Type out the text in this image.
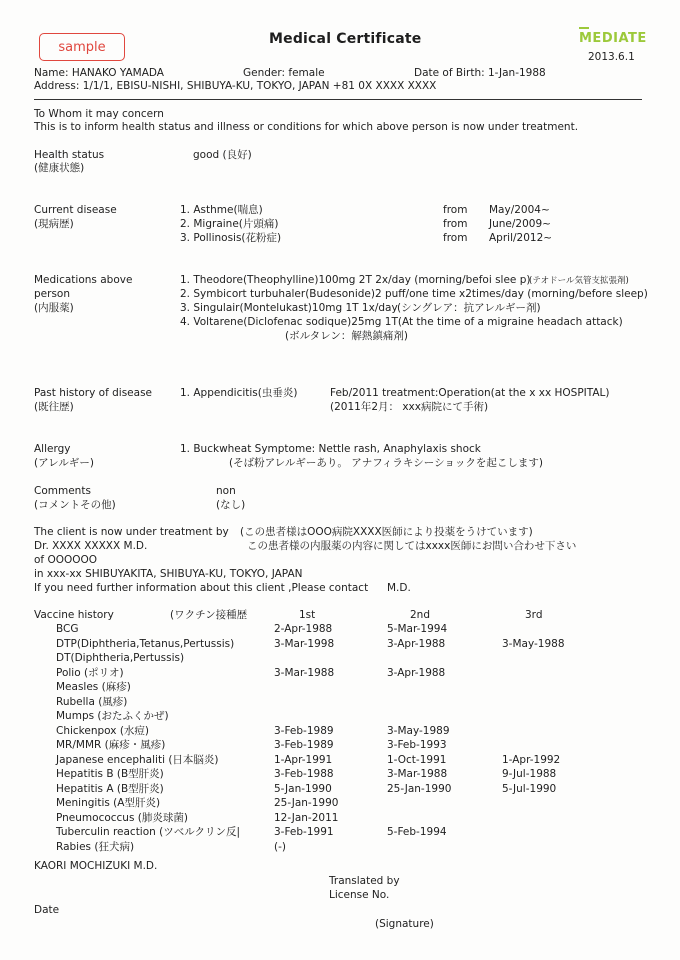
sample
Medical Certificate	MEDIATE
2013.6.1
Name: HANAKO YAMADA	Gender: female	Date of Birth: 1-Jan-1988
Address: 1/1/1, EBISU-NISHI, SHIBUYA-KU, TOKYO, JAPAN +81 0X XXXX XXXX
To Whom it may concern
This is to inform health status and illness or conditions for which above person is now under treatment.
Health status
(健康状態)
good (良好)
Current disease
(現病歴)
1. Asthme(喘息)	from May/2004~
2. Migraine(片頭痛)	from June/2009~
3. Pollinosis(花粉症)	from April/2012~
Medications above
person
(内服薬)
1. Theodore(Theophylline)100mg 2T 2x/day (morning/befoi slee p)
(テオドール気管支拡張剤)
2. Symbicort turbuhaler(Budesonide)2 puff/one time x2times/day (morning/before sleep)
3. Singulair(Montelukast)10mg 1T 1x/day (シングレア：抗アレルギー剤)
4. Voltarene(Diclofenac sodique)25mg 1T(At the time of a migraine headach attack)
(ボルタレン：解熱鎮痛剤)
Past history of disease
(既往歴)
1. Appendicitis(虫垂炎)	Feb/2011 treatment:Operation(at the x xx HOSPITAL)
(2011年2月： xxx病院にて手術)
Allergy
(アレルギー)
1. Buckwheat Symptome: Nettle rash, Anaphylaxis shock
(そば粉アレルギーあり。 アナフィラキシーショックを起こします)
Comments
(コメントその他)
non
(なし)
The client is now under treatment by (この患者様はOOO病院XXXX医師により投薬をうけています)
Dr. XXXX XXXXX M.D.	この患者様の内服薬の内容に関してはxxxx医師にお問い合わせ下さい
of OOOOOO
in xxx-xx SHIBUYAKITA, SHIBUYA-KU, TOKYO, JAPAN
If you need further information about this client ,Please contact M.D.
Vaccine history	(ワクチン接種歴	1st	2nd	3rd
BCG	2-Apr-1988	5-Mar-1994
DTP(Diphtheria,Tetanus,Pertussis)	3-Mar-1998	3-Apr-1988	3-May-1988
DT(Diphtheria,Pertussis)
Polio (ポリオ)	3-Mar-1988	3-Apr-1988
Measles (麻疹)
Rubella (風疹)
Mumps (おたふくかぜ)
Chickenpox (水痘)	3-Feb-1989	3-May-1989
MR/MMR (麻疹・風疹)	3-Feb-1989	3-Feb-1993
Japanese encephaliti (日本脳炎)	1-Apr-1991	1-Oct-1991	1-Apr-1992
Hepatitis B (B型肝炎)	3-Feb-1988	3-Mar-1988	9-Jul-1988
Hepatitis A (B型肝炎)	5-Jan-1990	25-Jan-1990	5-Jul-1990
Meningitis (A型肝炎)	25-Jan-1990
Pneumococcus (肺炎球菌)	12-Jan-2011
Tuberculin reaction (ツベルクリン反|	3-Feb-1991	5-Feb-1994
Rabies (狂犬病)	(-)
KAORI MOCHIZUKI M.D.
Translated by
License No.
Date
(Signature)
